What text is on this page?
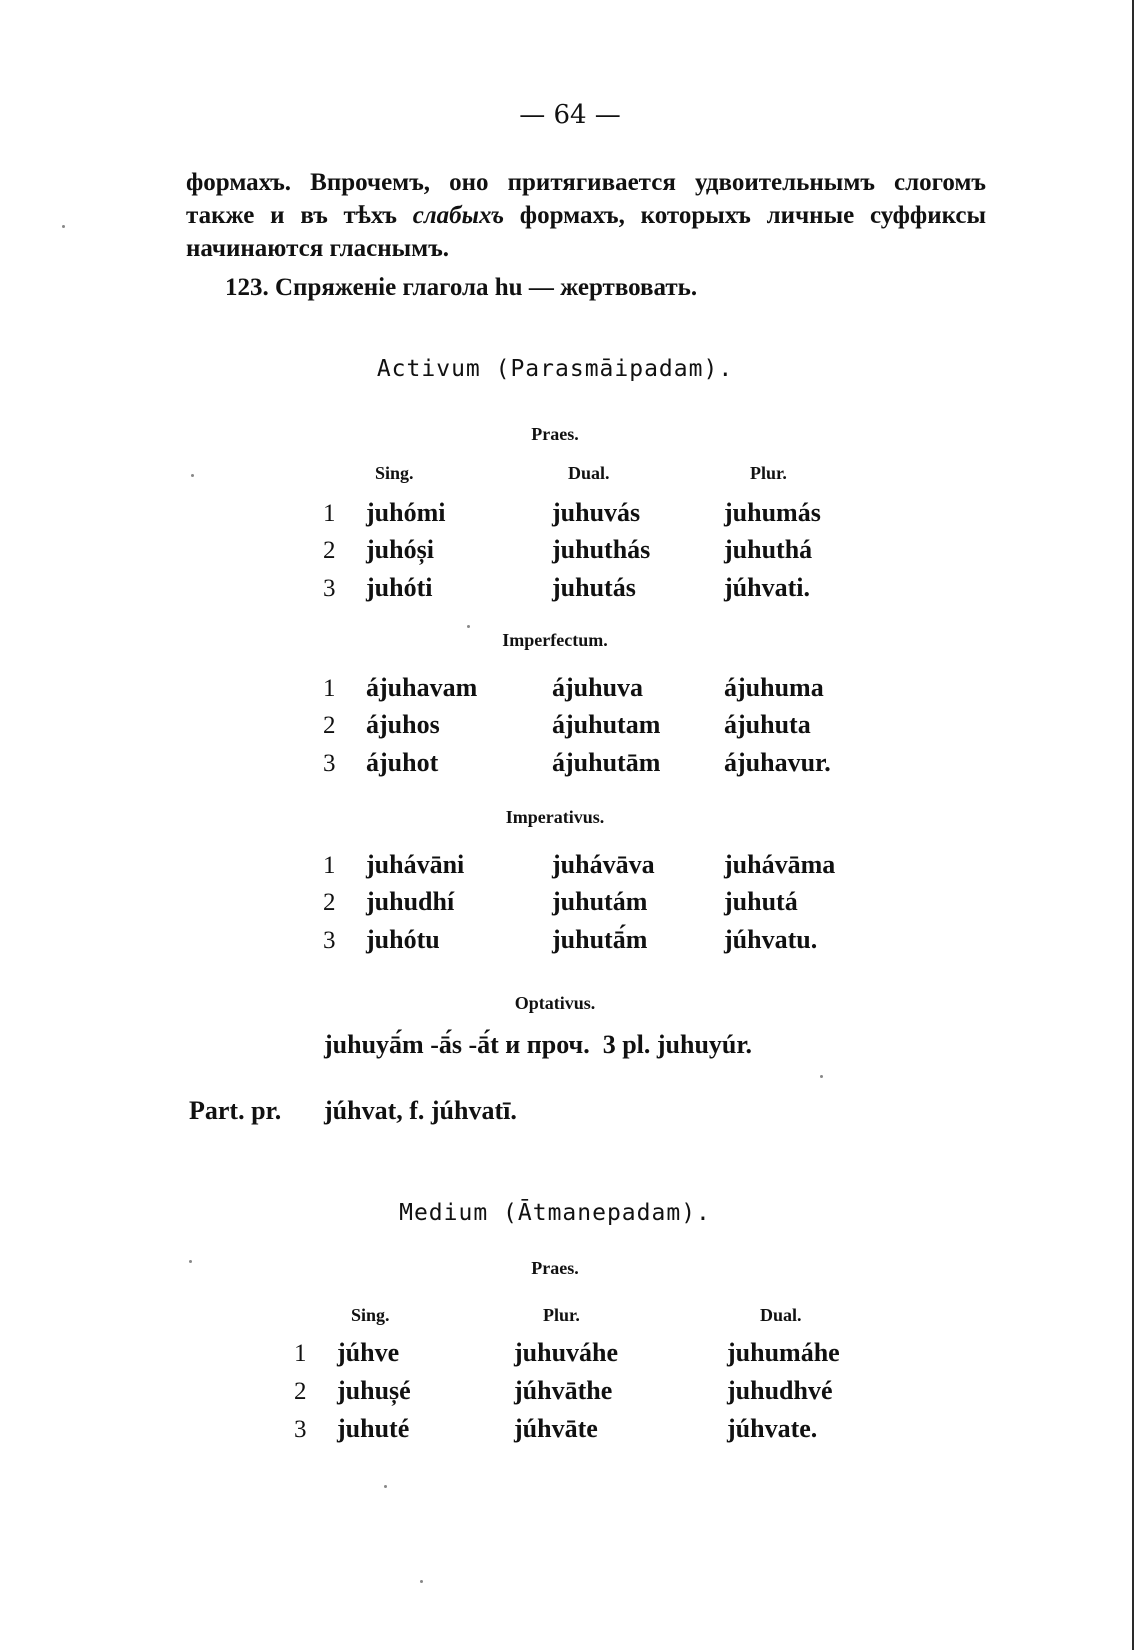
— 64 —
формахъ. Впрочемъ, оно притягивается удвоительнымъ слогомъ
также и въ тѣхъ слабыхъ формахъ, которыхъ личные суффиксы
начинаются гласнымъ.
123. Спряженіе глагола hu — жертвовать.
Activum (Parasmāipadam).
Praes.
Sing.	Dual.	Plur.
1 juhómi	juhuvás	juhumás
2 juhóși	juhuthás	juhuthá
3 juhóti	juhutás	júhvati.
Imperfectum.
1 ájuhavam	ájuhuva	ájuhuma
2 ájuhos	ájuhutam ájuhuta
3 ájuhot	ájuhutām ájuhavur.
Imperativus.
1 juhávāni	juhávāva	juhávāma
2 juhudhí	juhutám	juhutá
3 juhótu	juhutā́m	júhvatu.
Optativus.
juhuyā́m -ā́s -ā́t и проч.  3 pl. juhuyúr.
Part. pr. júhvat, f. júhvatī.
Medium (Ātmanepadam).
Praes.
Sing.	Plur.	Dual.
1 júhve	juhuváhe	juhumáhe
2 juhușé	júhvāthe	juhudhvé
3 juhuté	júhvāte	júhvate.
